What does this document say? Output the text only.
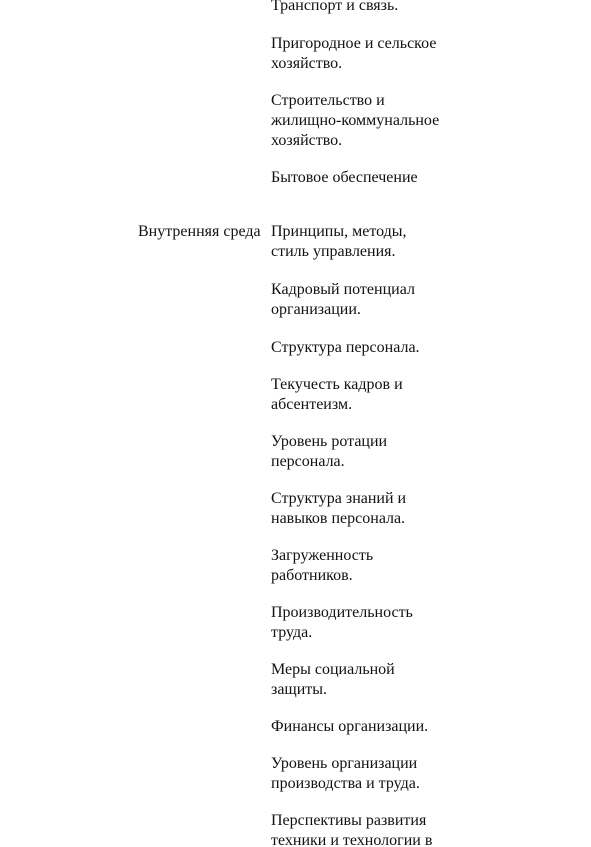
Транспорт и связь.
Пригородное и сельское
хозяйство.
Строительство и
жилищно-коммунальное
хозяйство.
Бытовое обеспечение
Внутренняя среда Принципы, методы,
стиль управления.
Кадровый потенциал
организации.
Структура персонала.
Текучесть кадров и
абсентеизм.
Уровень ротации
персонала.
Структура знаний и
навыков персонала.
Загруженность
работников.
Производительность
труда.
Меры социальной
защиты.
Финансы организации.
Уровень организации
производства и труда.
Перспективы развития
техники и технологии в
